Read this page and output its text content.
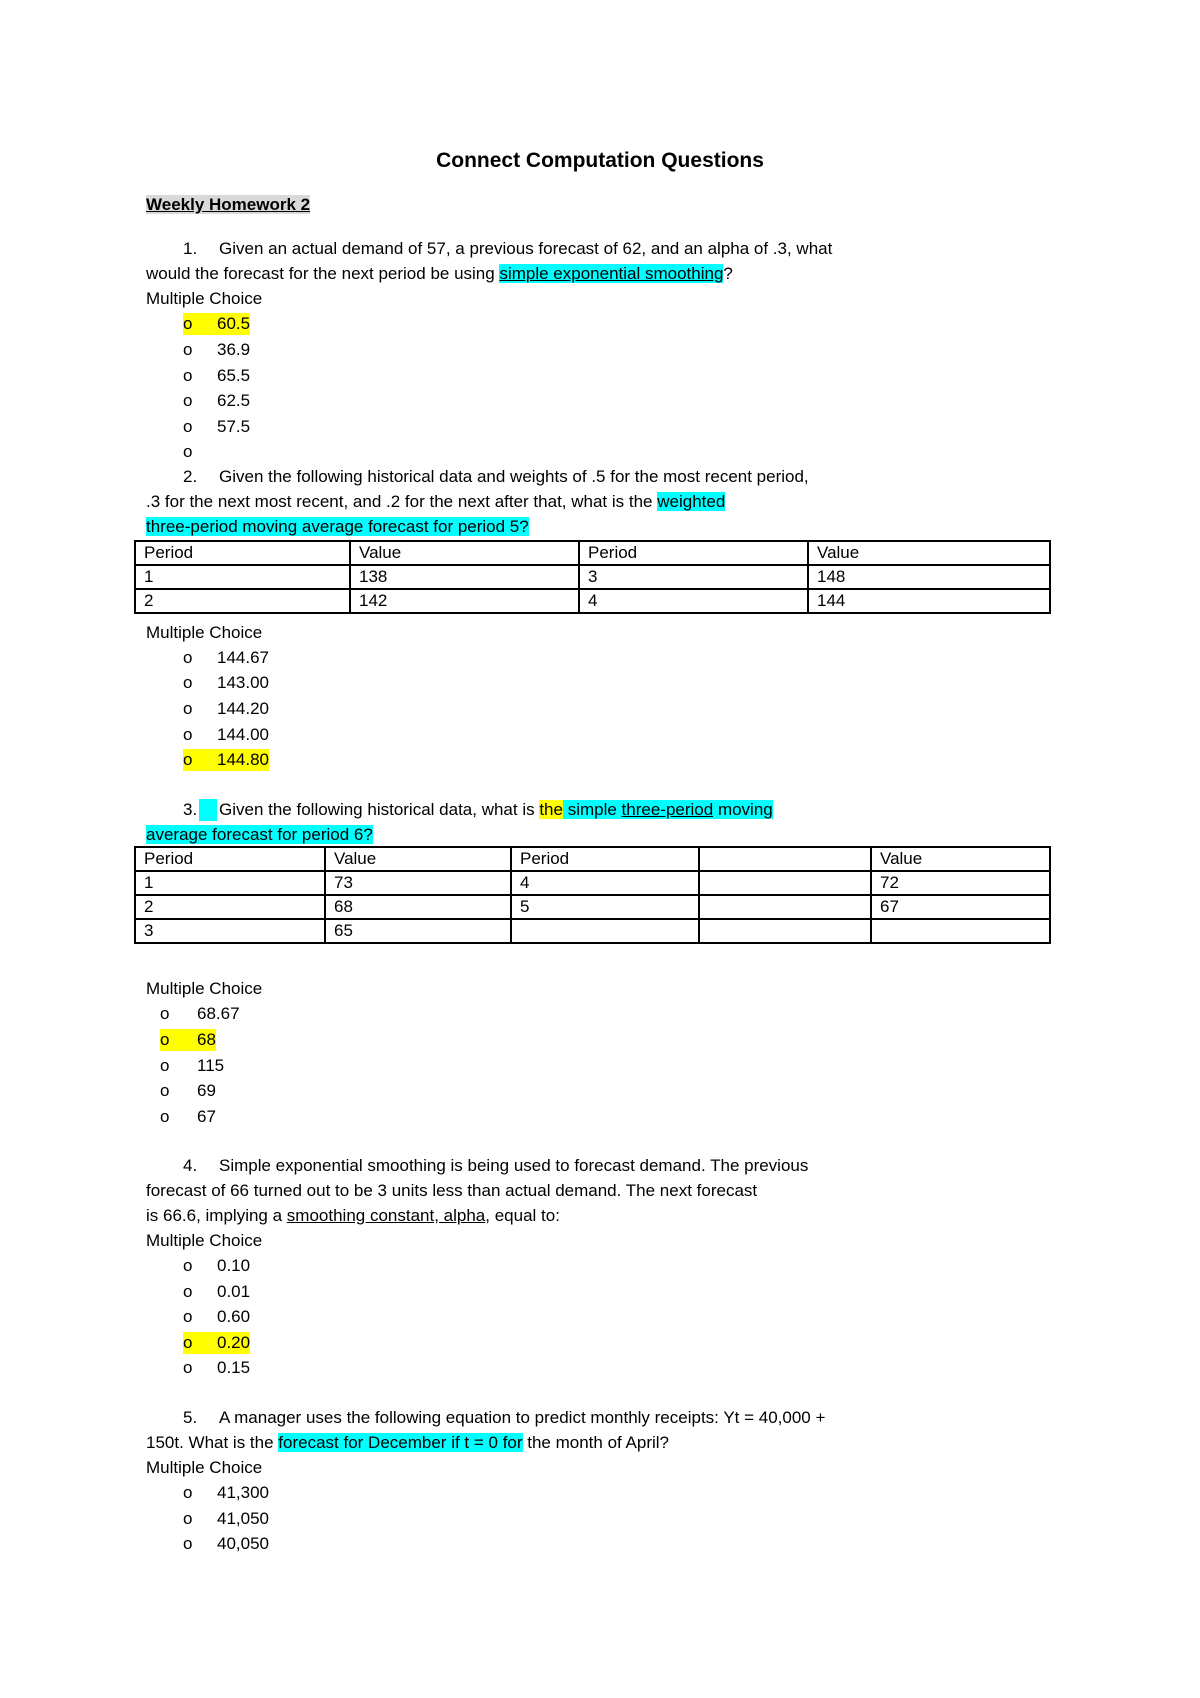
Connect Computation Questions
Weekly Homework 2
1. Given an actual demand of 57, a previous forecast of 62, and an alpha of .3, what
would the forecast for the next period be using simple exponential smoothing?
Multiple Choice
o 60.5
o 36.9
o 65.5
o 62.5
o 57.5
o
2. Given the following historical data and weights of .5 for the most recent period,
.3 for the next most recent, and .2 for the next after that, what is the weighted
three-period moving average forecast for period 5?
Period	Value	Period	Value
1	138	3	148
2	142	4	144
Multiple Choice
o 144.67
o 143.00
o 144.20
o 144.00
o 144.80
3.	Given the following historical data, what is the simple three-period moving
average forecast for period 6?
Period	Value	Period		Value
1	73	4		72
2	68	5		67
3	65			
Multiple Choice
o 68.67
o 68
o 115
o 69
o 67
4. Simple exponential smoothing is being used to forecast demand. The previous
forecast of 66 turned out to be 3 units less than actual demand. The next forecast
is 66.6, implying a smoothing constant, alpha, equal to:
Multiple Choice
o 0.10
o 0.01
o 0.60
o 0.20
o 0.15
5. A manager uses the following equation to predict monthly receipts: Yt = 40,000 +
150t. What is the forecast for December if t = 0 for the month of April?
Multiple Choice
o 41,300
o 41,050
o 40,050
